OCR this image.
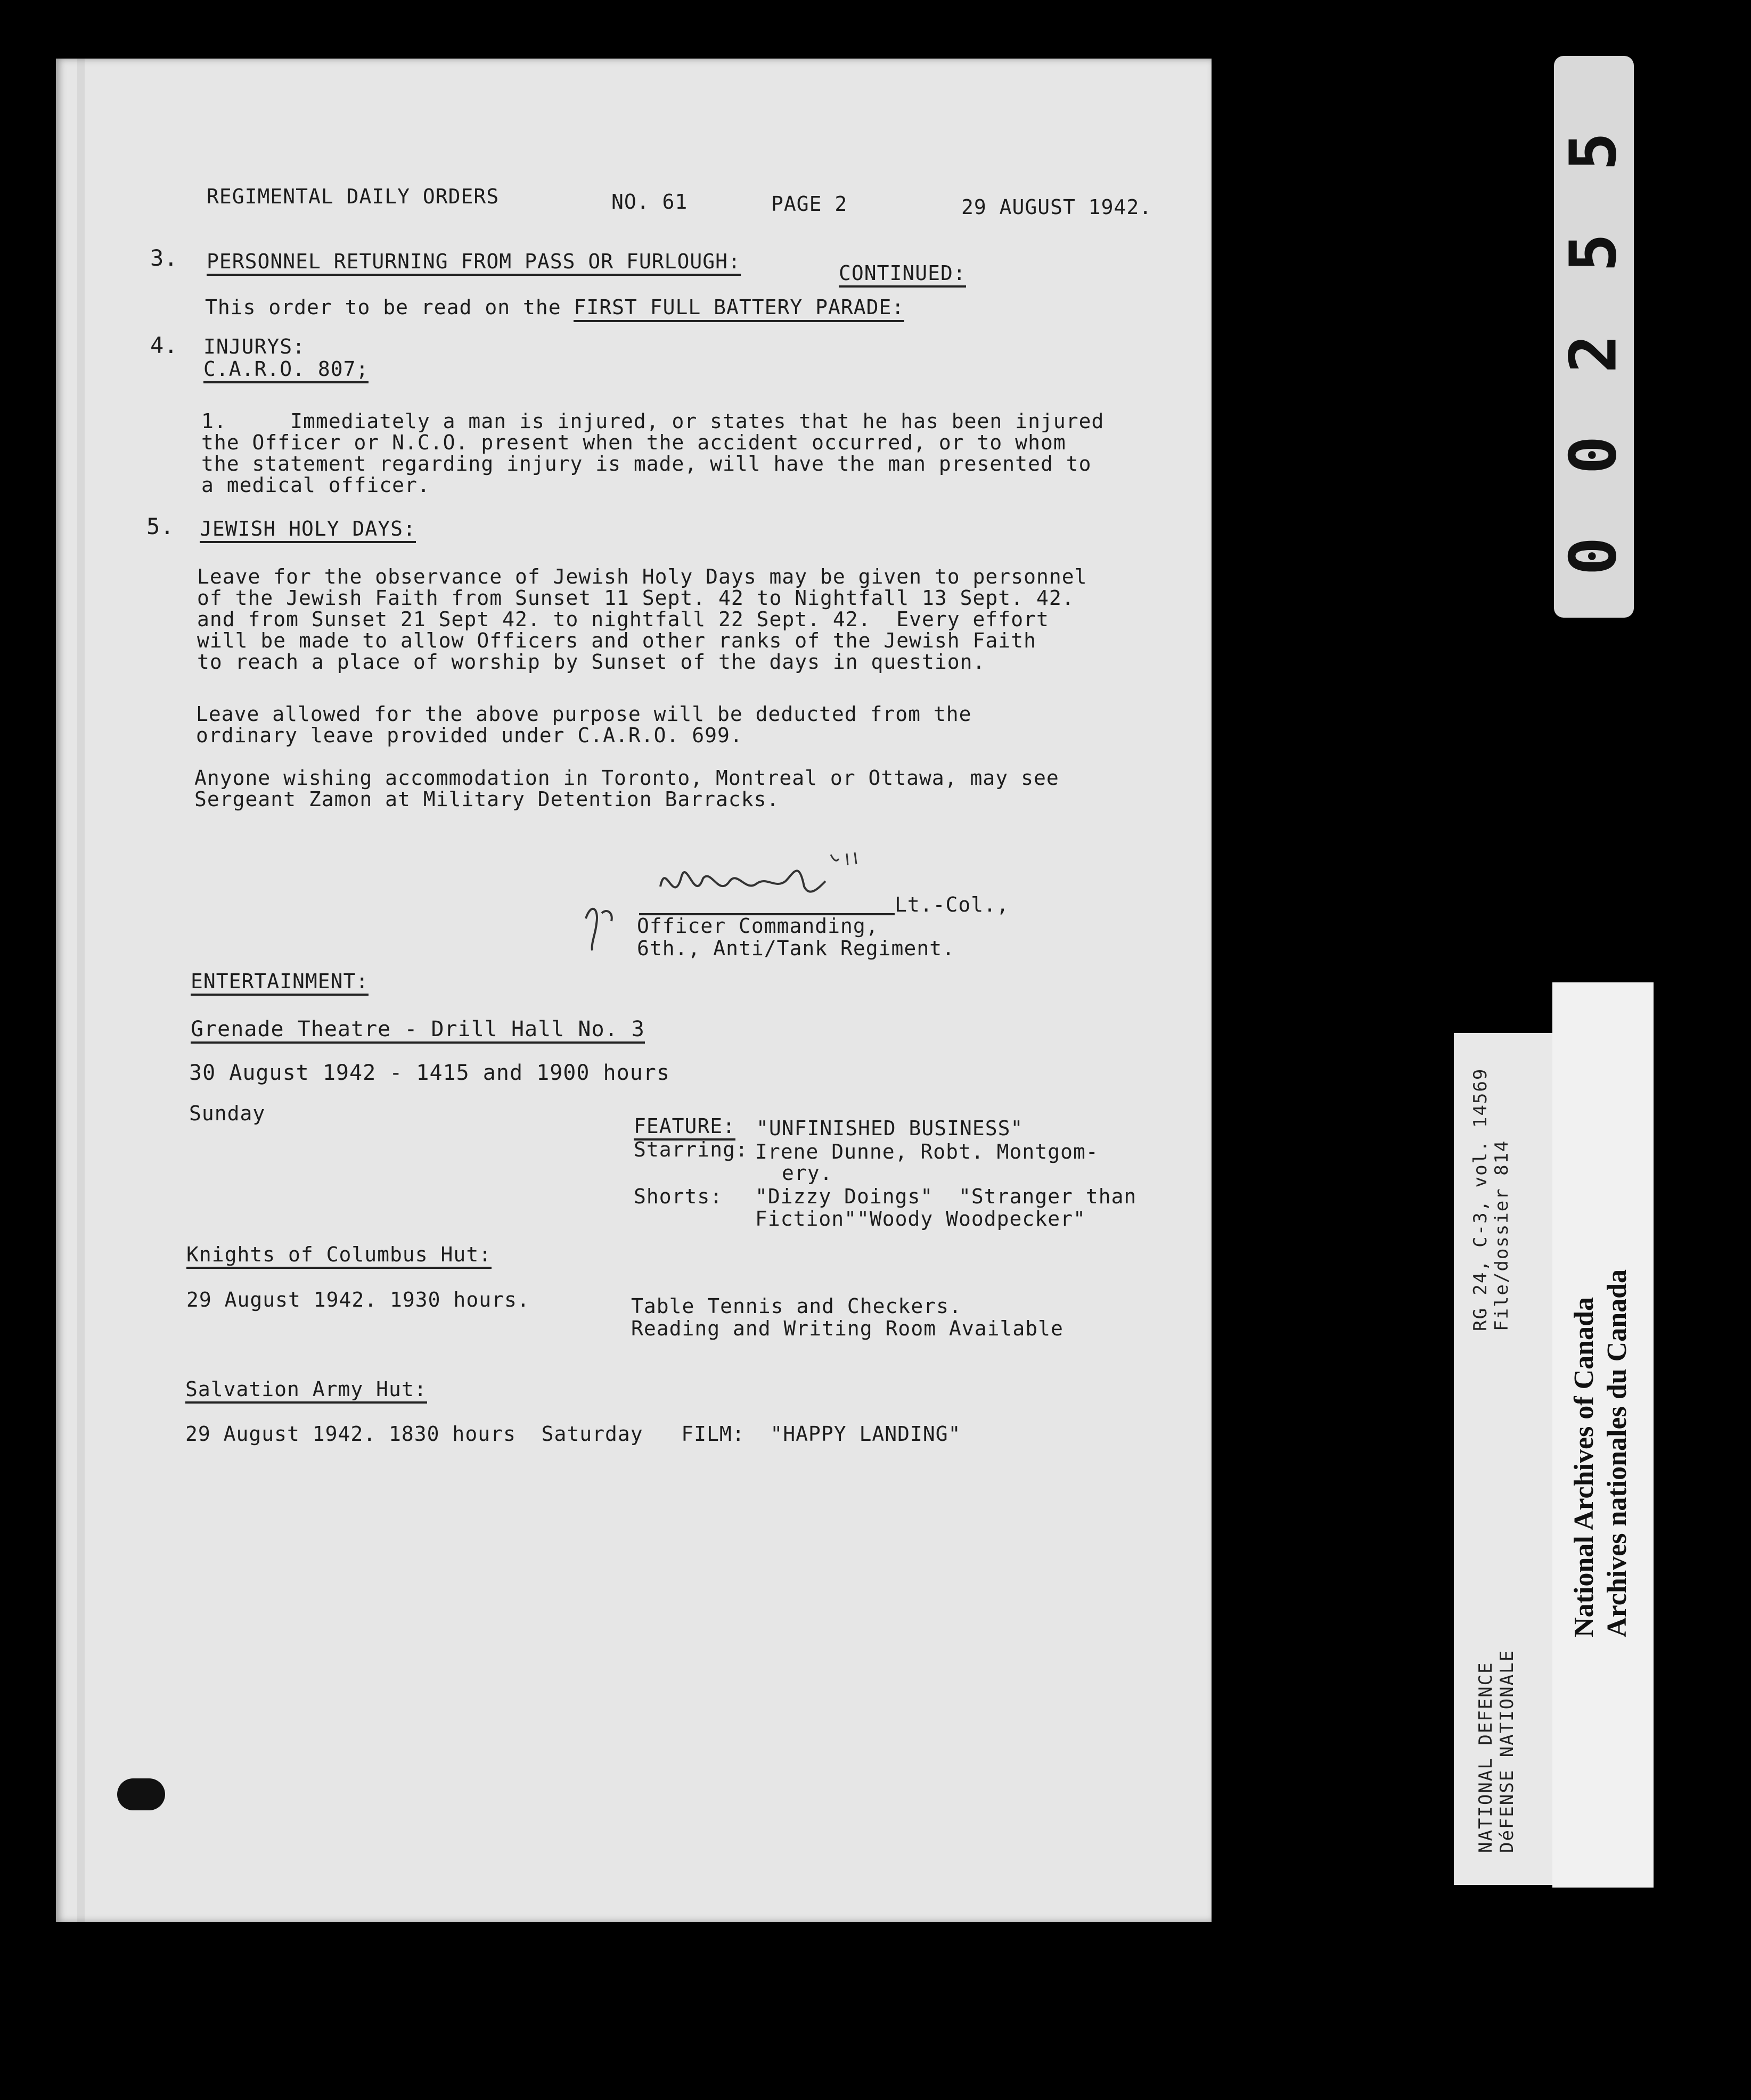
REGIMENTAL DAILY ORDERS	NO. 61	PAGE 2	29 AUGUST 1942.
3. PERSONNEL RETURNING FROM PASS OR FURLOUGH:	CONTINUED:
This order to be read on the FIRST FULL BATTERY PARADE:
4. INJURYS:
C.A.R.O. 807;
1.     Immediately a man is injured, or states that he has been injured
the Officer or N.C.O. present when the accident occurred, or to whom
the statement regarding injury is made, will have the man presented to
a medical officer.
5. JEWISH HOLY DAYS:
Leave for the observance of Jewish Holy Days may be given to personnel
of the Jewish Faith from Sunset 11 Sept. 42 to Nightfall 13 Sept. 42.
and from Sunset 21 Sept 42. to nightfall 22 Sept. 42.  Every effort
will be made to allow Officers and other ranks of the Jewish Faith
to reach a place of worship by Sunset of the days in question.
Leave allowed for the above purpose will be deducted from the
ordinary leave provided under C.A.R.O. 699.
Anyone wishing accommodation in Toronto, Montreal or Ottawa, may see
Sergeant Zamon at Military Detention Barracks.
Lt.-Col.,
Officer Commanding,
6th., Anti/Tank Regiment.
ENTERTAINMENT:
Grenade Theatre - Drill Hall No. 3
30 August 1942 - 1415 and 1900 hours
Sunday
FEATURE: "UNFINISHED BUSINESS"
Starring: Irene Dunne, Robt. Montgom-
ery.
Shorts: "Dizzy Doings"  "Stranger than
Fiction""Woody Woodpecker"
Knights of Columbus Hut:
29 August 1942. 1930 hours.	Table Tennis and Checkers.
Reading and Writing Room Available
Salvation Army Hut:
29 August 1942. 1830 hours  Saturday   FILM:  "HAPPY LANDING"
5
5
2
0
0
RG 24, C-3, vol. 14569 File/dossier 814
NATIONAL DEFENCE DéFENSE NATIONALE
National Archives of Canada Archives nationales du Canada
